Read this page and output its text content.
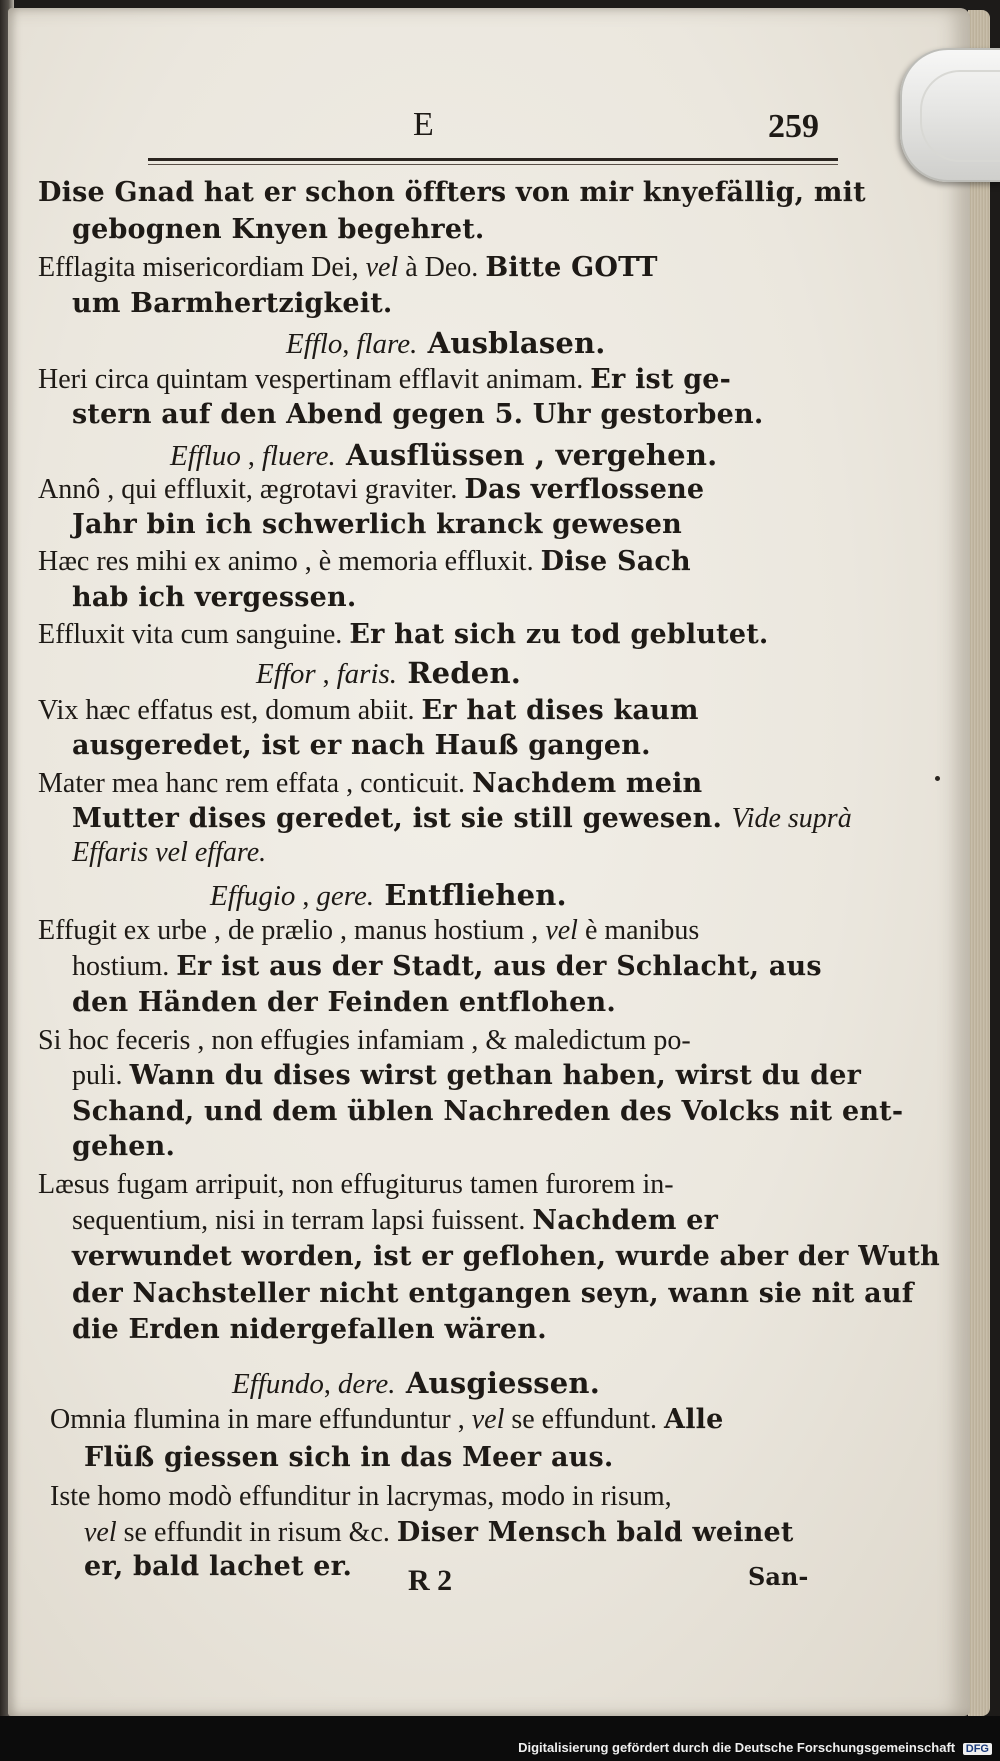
E	259
Dise Gnad hat er schon öffters von mir knyefällig, mit
gebognen Knyen begehret.
Efflagita misericordiam Dei, vel à Deo. Bitte GOTT
um Barmhertzigkeit.
Efflo, flare. Ausblasen.
Heri circa quintam vespertinam efflavit animam. Er ist ge-
stern auf den Abend gegen 5. Uhr gestorben.
Effluo , fluere. Ausflüssen , vergehen.
Annô , qui effluxit, ægrotavi graviter. Das verflossene
Jahr bin ich schwerlich kranck gewesen
Hæc res mihi ex animo , è memoria effluxit. Dise Sach
hab ich vergessen.
Effluxit vita cum sanguine. Er hat sich zu tod geblutet.
Effor , faris. Reden.
Vix hæc effatus est, domum abiit. Er hat dises kaum
ausgeredet, ist er nach Hauß gangen.
Mater mea hanc rem effata , conticuit. Nachdem mein
Mutter dises geredet, ist sie still gewesen. Vide suprà
Effaris vel effare.
Effugio , gere. Entfliehen.
Effugit ex urbe , de prælio , manus hostium , vel è manibus
hostium. Er ist aus der Stadt, aus der Schlacht, aus
den Händen der Feinden entflohen.
Si hoc feceris , non effugies infamiam , & maledictum po-
puli. Wann du dises wirst gethan haben, wirst du der
Schand, und dem üblen Nachreden des Volcks nit ent-
gehen.
Læsus fugam arripuit, non effugiturus tamen furorem in-
sequentium, nisi in terram lapsi fuissent. Nachdem er
verwundet worden, ist er geflohen, wurde aber der Wuth
der Nachsteller nicht entgangen seyn, wann sie nit auf
die Erden nidergefallen wären.
Effundo, dere. Ausgiessen.
Omnia flumina in mare effunduntur , vel se effundunt. Alle
Flüß giessen sich in das Meer aus.
Iste homo modò effunditur in lacrymas, modo in risum,
vel se effundit in risum &c. Diser Mensch bald weinet
er, bald lachet er. R 2	San-
Digitalisierung gefördert durch die Deutsche Forschungsgemeinschaft DFG
